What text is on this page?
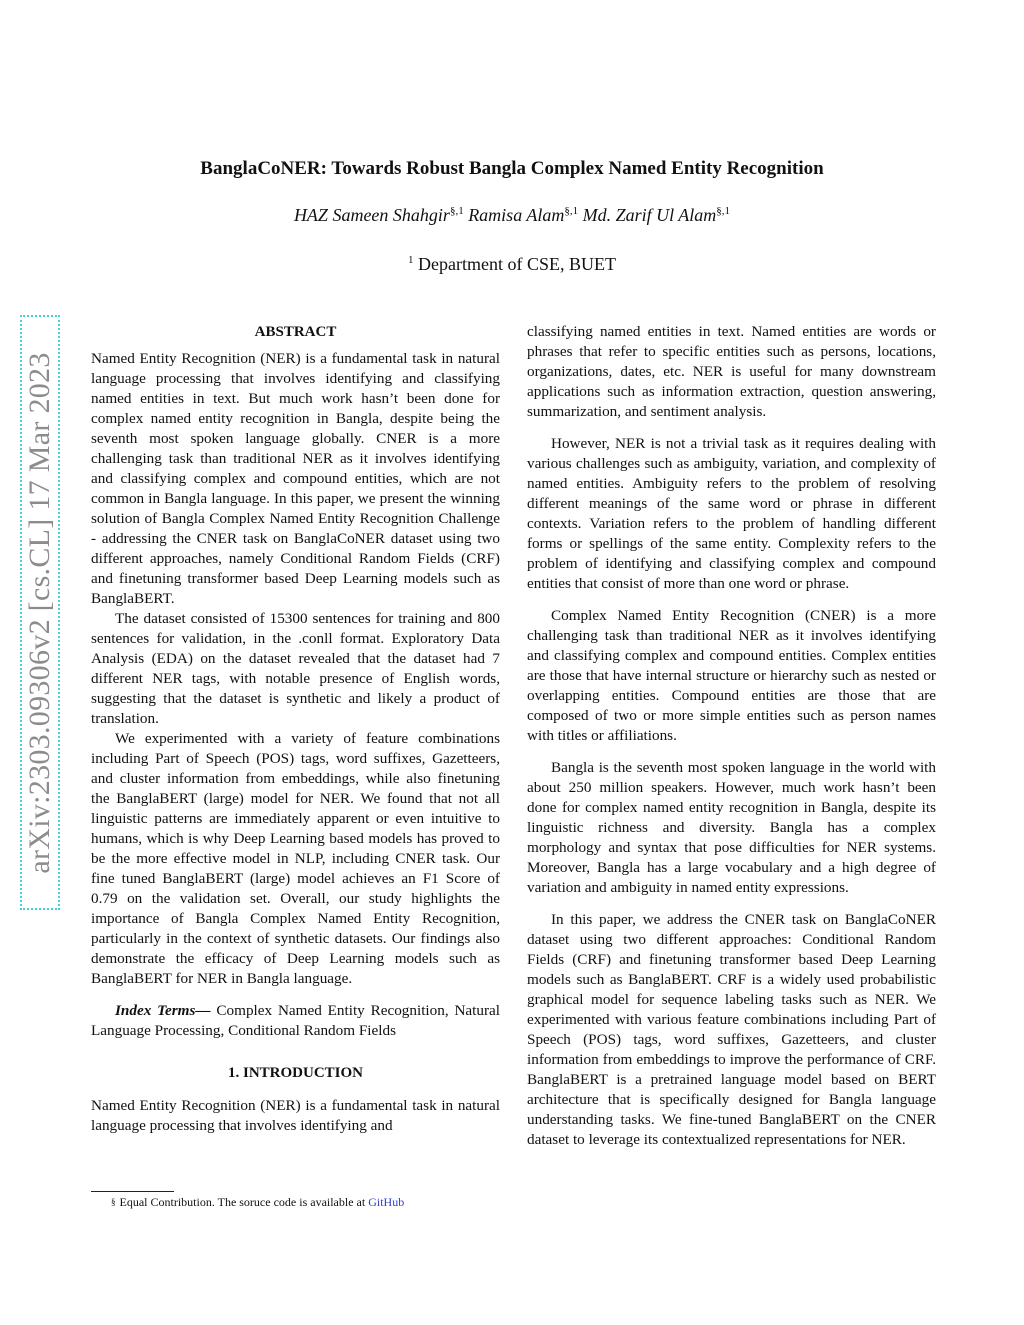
BanglaCoNER: Towards Robust Bangla Complex Named Entity Recognition
HAZ Sameen Shahgir$^{\S,1}$ Ramisa Alam$^{\S,1}$ Md. Zarif Ul Alam$^{\S,1}$
$^1$ Department of CSE, BUET
arXiv:2303.09306v2 [cs.CL] 17 Mar 2023
ABSTRACT

Named Entity Recognition (NER) is a fundamental task in natural language processing that involves identifying and classifying named entities in text. But much work hasn’t been done for complex named entity recognition in Bangla, despite being the seventh most spoken language globally. CNER is a more challenging task than traditional NER as it involves identifying and classifying complex and compound entities, which are not common in Bangla language. In this paper, we present the winning solution of Bangla Complex Named Entity Recognition Challenge - addressing the CNER task on BanglaCoNER dataset using two different approaches, namely Conditional Random Fields (CRF) and finetuning transformer based Deep Learning models such as BanglaBERT.

The dataset consisted of 15300 sentences for training and 800 sentences for validation, in the .conll format. Exploratory Data Analysis (EDA) on the dataset revealed that the dataset had 7 different NER tags, with notable presence of English words, suggesting that the dataset is synthetic and likely a product of translation.

We experimented with a variety of feature combinations including Part of Speech (POS) tags, word suffixes, Gazetteers, and cluster information from embeddings, while also finetuning the BanglaBERT (large) model for NER. We found that not all linguistic patterns are immediately apparent or even intuitive to humans, which is why Deep Learning based models has proved to be the more effective model in NLP, including CNER task. Our fine tuned BanglaBERT (large) model achieves an F1 Score of 0.79 on the validation set. Overall, our study highlights the importance of Bangla Complex Named Entity Recognition, particularly in the context of synthetic datasets. Our findings also demonstrate the efficacy of Deep Learning models such as BanglaBERT for NER in Bangla language.

Index Terms— Complex Named Entity Recognition, Natural Language Processing, Conditional Random Fields

1. INTRODUCTION

Named Entity Recognition (NER) is a fundamental task in natural language processing that involves identifying and

classifying named entities in text. Named entities are words or phrases that refer to specific entities such as persons, locations, organizations, dates, etc. NER is useful for many downstream applications such as information extraction, question answering, summarization, and sentiment analysis.

However, NER is not a trivial task as it requires dealing with various challenges such as ambiguity, variation, and complexity of named entities. Ambiguity refers to the problem of resolving different meanings of the same word or phrase in different contexts. Variation refers to the problem of handling different forms or spellings of the same entity. Complexity refers to the problem of identifying and classifying complex and compound entities that consist of more than one word or phrase.

Complex Named Entity Recognition (CNER) is a more challenging task than traditional NER as it involves identifying and classifying complex and compound entities. Complex entities are those that have internal structure or hierarchy such as nested or overlapping entities. Compound entities are those that are composed of two or more simple entities such as person names with titles or affiliations.

Bangla is the seventh most spoken language in the world with about 250 million speakers. However, much work hasn’t been done for complex named entity recognition in Bangla, despite its linguistic richness and diversity. Bangla has a complex morphology and syntax that pose difficulties for NER systems. Moreover, Bangla has a large vocabulary and a high degree of variation and ambiguity in named entity expressions.

In this paper, we address the CNER task on BanglaCoNER dataset using two different approaches: Conditional Random Fields (CRF) and finetuning transformer based Deep Learning models such as BanglaBERT. CRF is a widely used probabilistic graphical model for sequence labeling tasks such as NER. We experimented with various feature combinations including Part of Speech (POS) tags, word suffixes, Gazetteers, and cluster information from embeddings to improve the performance of CRF. BanglaBERT is a pretrained language model based on BERT architecture that is specifically designed for Bangla language understanding tasks. We fine-tuned BanglaBERT on the CNER dataset to leverage its contextualized representations for NER.

§ Equal Contribution. The soruce code is available at GitHub
